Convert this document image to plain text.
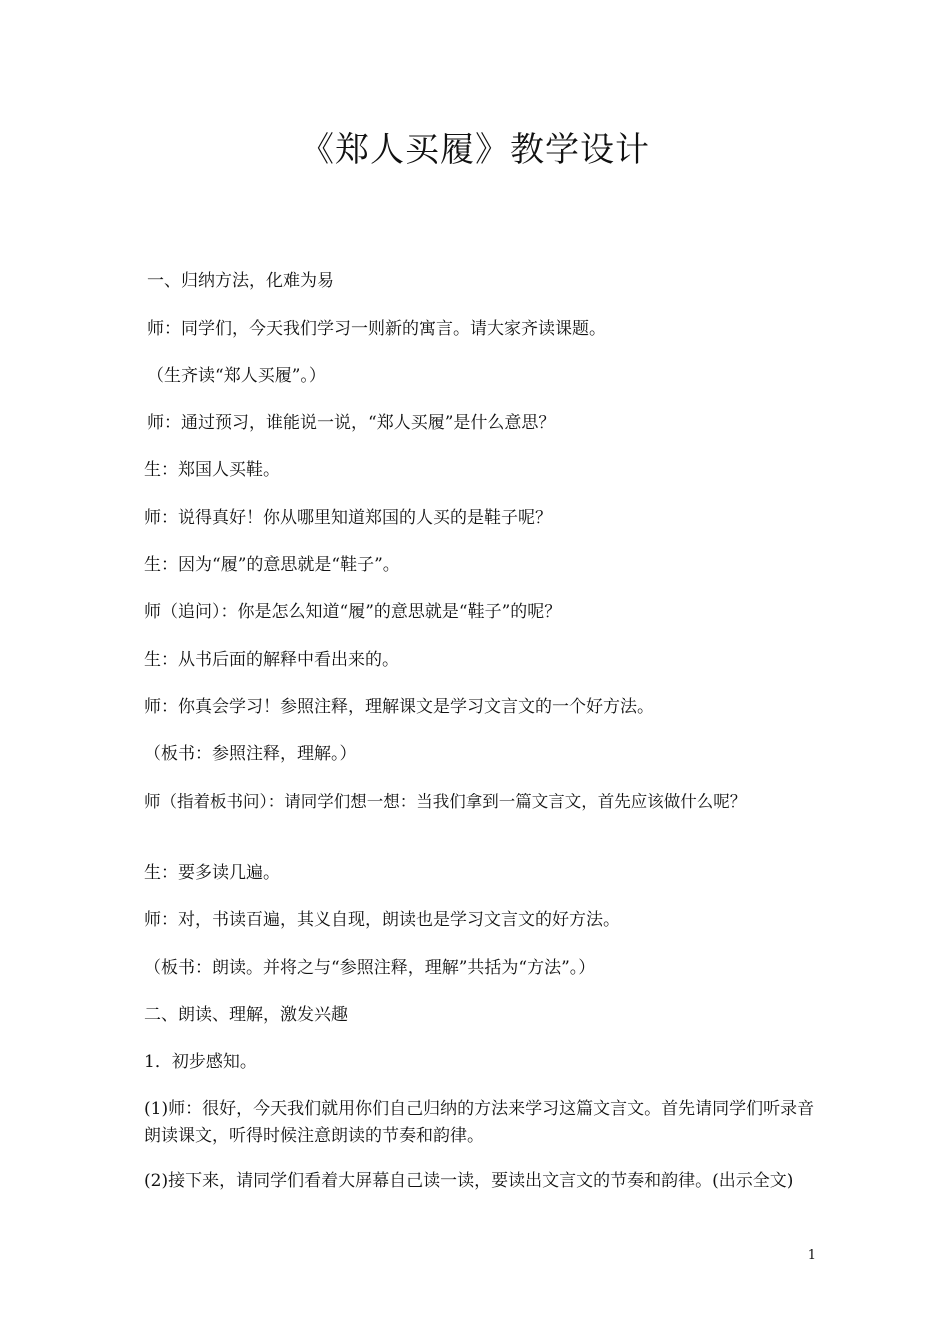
《郑人买履》教学设计

一、归纳方法，化难为易

师：同学们，今天我们学习一则新的寓言。请大家齐读课题。

（生齐读“郑人买履”。）

师：通过预习，谁能说一说，“郑人买履”是什么意思？

生：郑国人买鞋。

师：说得真好！你从哪里知道郑国的人买的是鞋子呢？

生：因为“履”的意思就是“鞋子”。

师（追问）：你是怎么知道“履”的意思就是“鞋子”的呢？

生：从书后面的解释中看出来的。

师：你真会学习！参照注释，理解课文是学习文言文的一个好方法。

（板书：参照注释，理解。）

师（指着板书问）：请同学们想一想：当我们拿到一篇文言文，首先应该做什么呢？

生：要多读几遍。

师：对，书读百遍，其义自现，朗读也是学习文言文的好方法。

（板书：朗读。并将之与“参照注释，理解”共括为“方法”。）

二、朗读、理解，激发兴趣

1．初步感知。

(1)师：很好，今天我们就用你们自己归纳的方法来学习这篇文言文。首先请同学们听录音朗读课文，听得时候注意朗读的节奏和韵律。

(2)接下来，请同学们看着大屏幕自己读一读，要读出文言文的节奏和韵律。(出示全文)

1
